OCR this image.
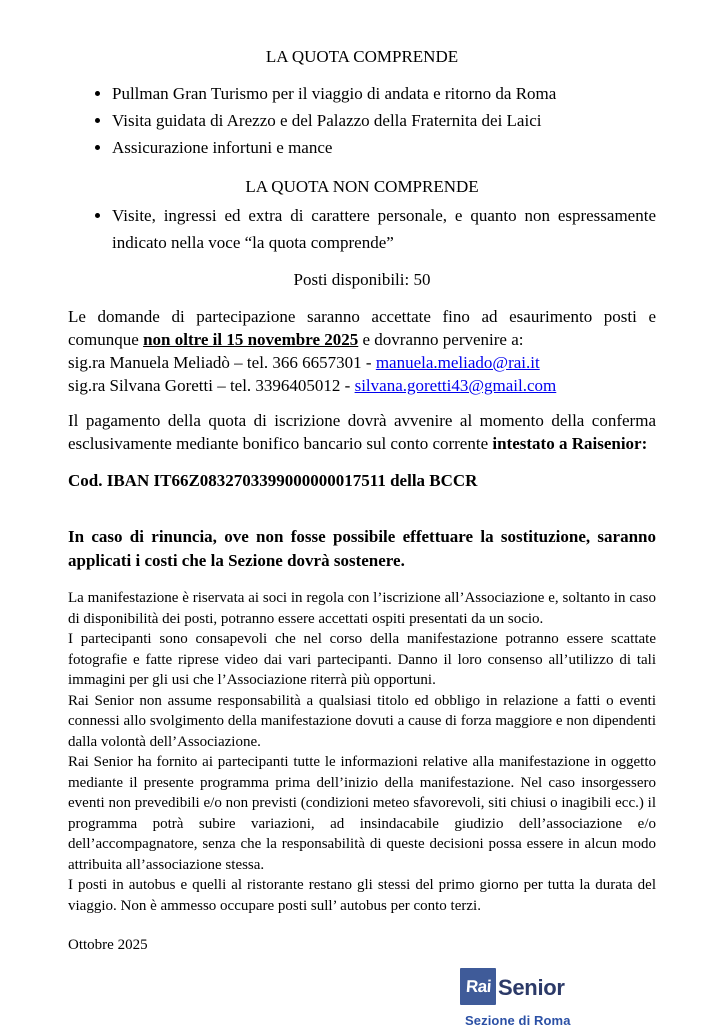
LA QUOTA COMPRENDE
• Pullman Gran Turismo per il viaggio di andata e ritorno da Roma
• Visita guidata di Arezzo e del Palazzo della Fraternita dei Laici
• Assicurazione infortuni e mance
LA QUOTA NON COMPRENDE
• Visite, ingressi ed extra di carattere personale, e quanto non espressamente indicato nella voce “la quota comprende”

Posti disponibili: 50

Le domande di partecipazione saranno accettate fino ad esaurimento posti e comunque non oltre il 15 novembre 2025 e dovranno pervenire a:

sig.ra Manuela Meliadò – tel. 366 6657301 - manuela.meliado@rai.it
sig.ra Silvana Goretti – tel. 3396405012 - silvana.goretti43@gmail.com

Il pagamento della quota di iscrizione dovrà avvenire al momento della conferma esclusivamente mediante bonifico bancario sul conto corrente intestato a Raisenior:

Cod. IBAN IT66Z0832703399000000017511 della BCCR

In caso di rinuncia, ove non fosse possibile effettuare la sostituzione, saranno applicati i costi che la Sezione dovrà sostenere.

La manifestazione è riservata ai soci in regola con l’iscrizione all’Associazione e, soltanto in caso di disponibilità dei posti, potranno essere accettati ospiti presentati da un socio.

I partecipanti sono consapevoli che nel corso della manifestazione potranno essere scattate fotografie e fatte riprese video dai vari partecipanti. Danno il loro consenso all’utilizzo di tali immagini per gli usi che l’Associazione riterrà più opportuni.

Rai Senior non assume responsabilità a qualsiasi titolo ed obbligo in relazione a fatti o eventi connessi allo svolgimento della manifestazione dovuti a cause di forza maggiore e non dipendenti dalla volontà dell’Associazione.

Rai Senior ha fornito ai partecipanti tutte le informazioni relative alla manifestazione in oggetto mediante il presente programma prima dell’inizio della manifestazione. Nel caso insorgessero eventi non prevedibili e/o non previsti (condizioni meteo sfavorevoli, siti chiusi o inagibili ecc.) il programma potrà subire variazioni, ad insindacabile giudizio dell’associazione e/o dell’accompagnatore, senza che la responsabilità di queste decisioni possa essere in alcun modo attribuita all’associazione stessa.

I posti in autobus e quelli al ristorante restano gli stessi del primo giorno per tutta la durata del viaggio. Non è ammesso occupare posti sull’ autobus per conto terzi.

Ottobre 2025
Rai Senior
Sezione di Roma
